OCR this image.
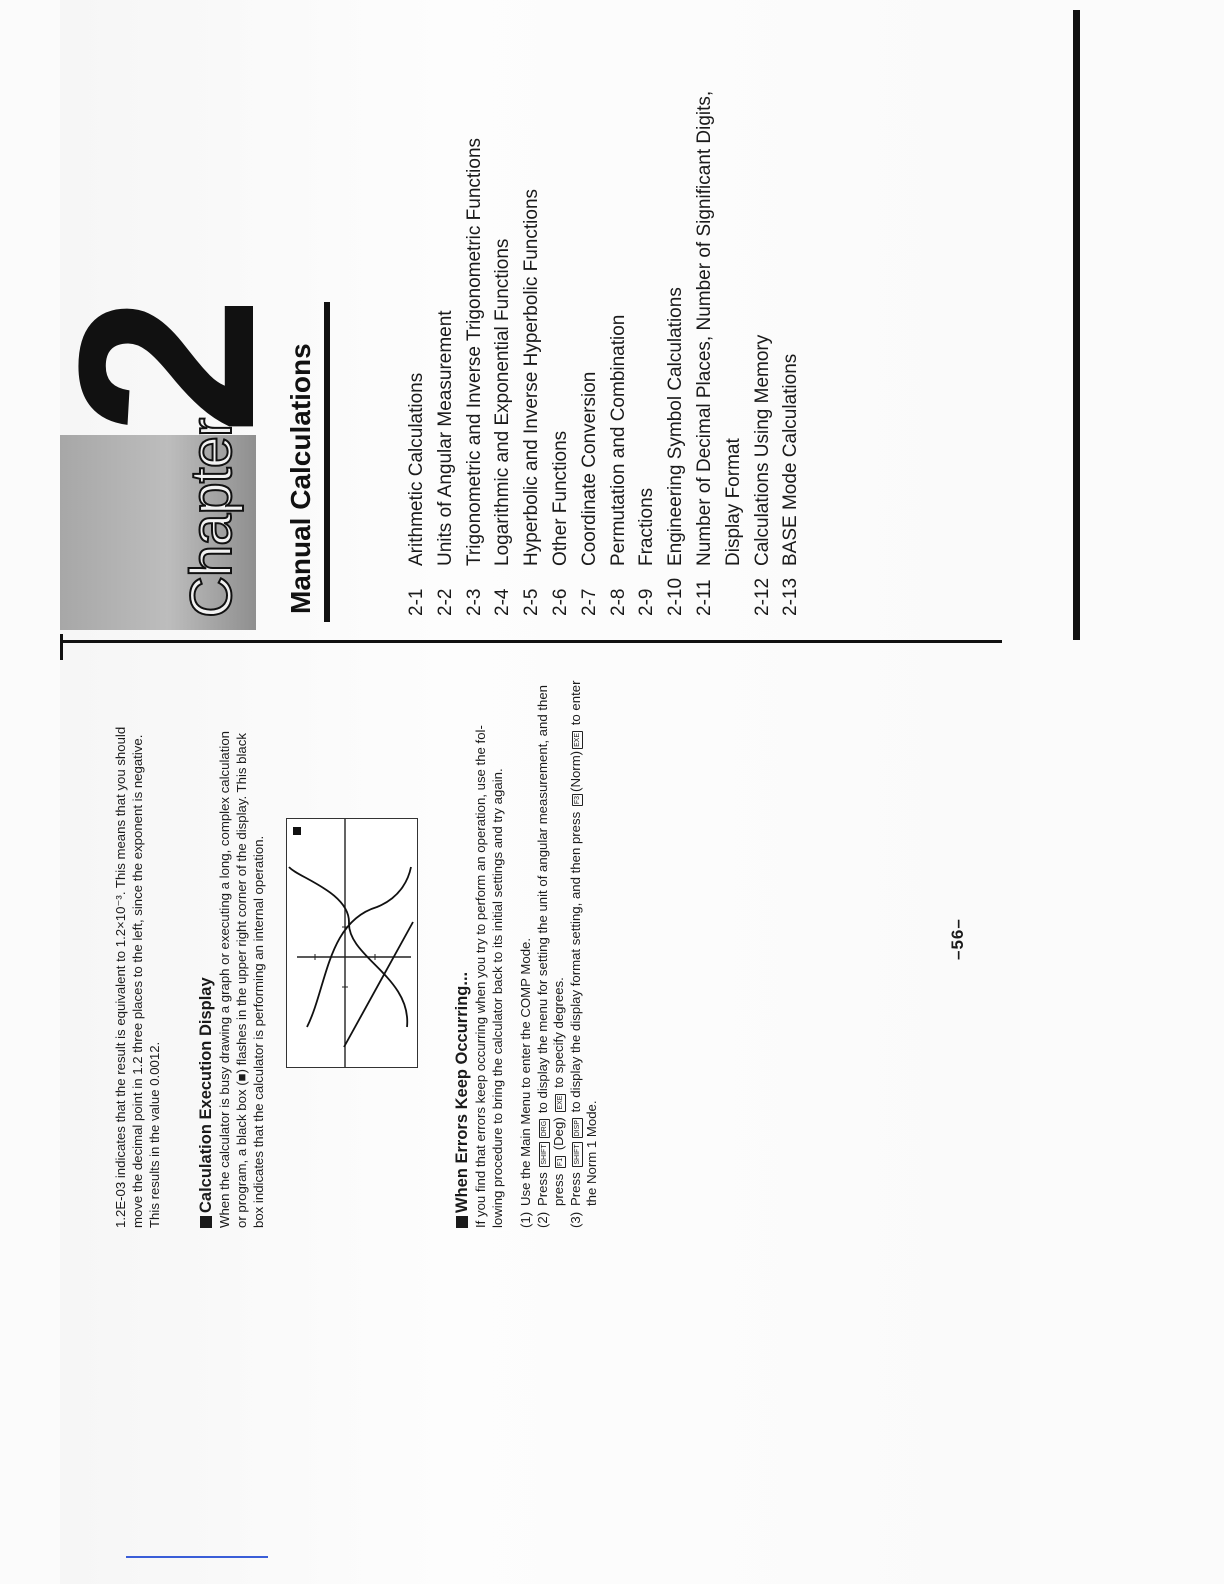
1.2E-03 indicates that the result is equivalent to 1.2×10⁻³. This means that you should move the decimal point in 1.2 three places to the left, since the exponent is negative. This results in the value 0.0012. Calculation Execution Display When the calculator is busy drawing a graph or executing a long, complex calculation or program, a black box (■) flashes in the upper right corner of the display. This black box indicates that the calculator is performing an internal operation.	When Errors Keep Occurring... If you find that errors keep occurring when you try to perform an operation, use the fol- lowing procedure to bring the calculator back to its initial settings and try again. (1)
Use the Main Menu to enter the COMP Mode.
(2)
Press SHIFTDRG to display the menu for setting the unit of angular measurement, and then
press F1 (Deg) EXE to specify degrees.
(3)
Press SHIFTDISP to display the display format setting, and then press F3(Norm)EXE to enter
the Norm 1 Mode.
–56–
Chapter
2
Manual Calculations	2-1
Arithmetic Calculations
2-2
Units of Angular Measurement
2-3
Trigonometric and Inverse Trigonometric Functions
2-4
Logarithmic and Exponential Functions
2-5
Hyperbolic and Inverse Hyperbolic Functions
2-6
Other Functions
2-7
Coordinate Conversion
2-8
Permutation and Combination
2-9
Fractions
2-10
Engineering Symbol Calculations
2-11
Number of Decimal Places, Number of Significant Digits, Display Format
2-12
Calculations Using Memory
2-13
BASE Mode Calculations
